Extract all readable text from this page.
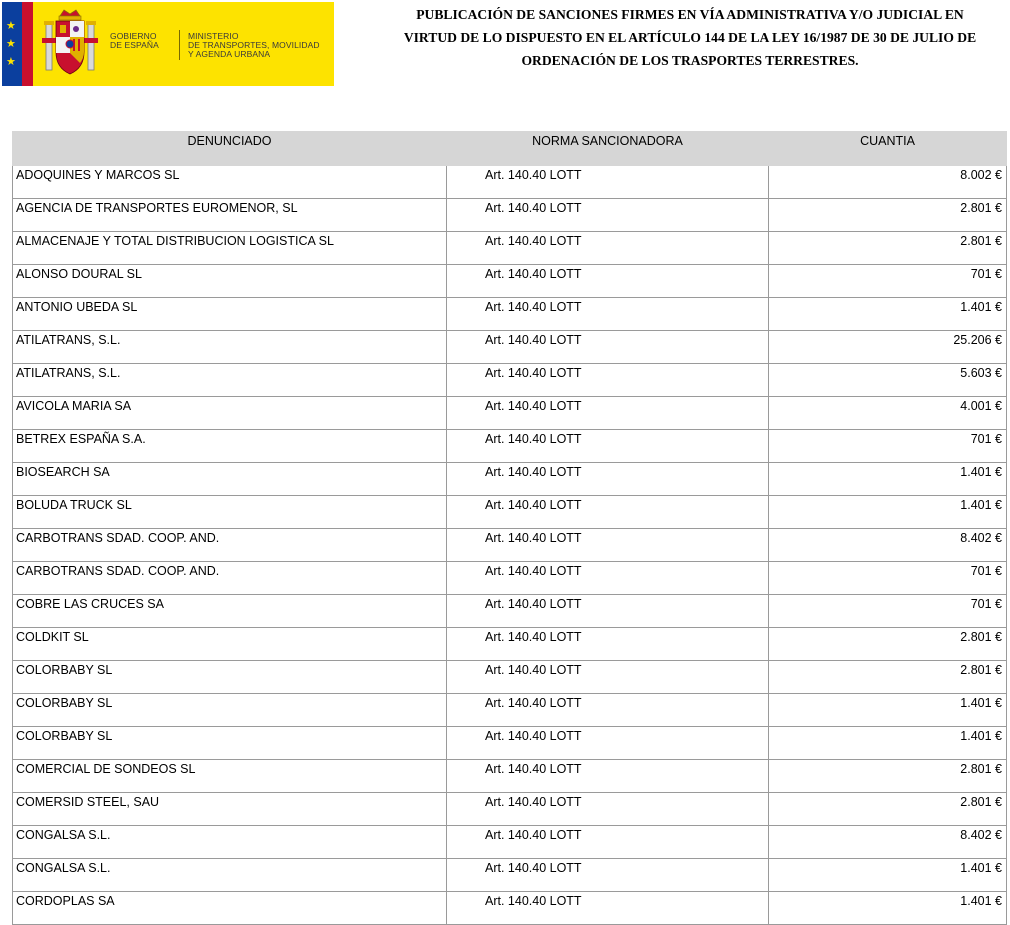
★
★
★
GOBIERNO
DE ESPAÑA
MINISTERIO
DE TRANSPORTES, MOVILIDAD
Y AGENDA URBANA
PUBLICACIÓN DE SANCIONES FIRMES EN VÍA ADMINISTRATIVA Y/O JUDICIAL EN
VIRTUD DE LO DISPUESTO EN EL ARTÍCULO 144 DE LA LEY 16/1987 DE 30 DE JULIO DE
ORDENACIÓN DE LOS TRASPORTES TERRESTRES.
DENUNCIADO	NORMA SANCIONADORA	CUANTIA
ADOQUINES Y MARCOS SL	Art. 140.40 LOTT	8.002 €
AGENCIA DE TRANSPORTES EUROMENOR, SL	Art. 140.40 LOTT	2.801 €
ALMACENAJE Y TOTAL DISTRIBUCION LOGISTICA SL	Art. 140.40 LOTT	2.801 €
ALONSO DOURAL SL	Art. 140.40 LOTT	701 €
ANTONIO UBEDA SL	Art. 140.40 LOTT	1.401 €
ATILATRANS, S.L.	Art. 140.40 LOTT	25.206 €
ATILATRANS, S.L.	Art. 140.40 LOTT	5.603 €
AVICOLA MARIA SA	Art. 140.40 LOTT	4.001 €
BETREX ESPAÑA S.A.	Art. 140.40 LOTT	701 €
BIOSEARCH SA	Art. 140.40 LOTT	1.401 €
BOLUDA TRUCK SL	Art. 140.40 LOTT	1.401 €
CARBOTRANS SDAD. COOP. AND.	Art. 140.40 LOTT	8.402 €
CARBOTRANS SDAD. COOP. AND.	Art. 140.40 LOTT	701 €
COBRE LAS CRUCES SA	Art. 140.40 LOTT	701 €
COLDKIT SL	Art. 140.40 LOTT	2.801 €
COLORBABY SL	Art. 140.40 LOTT	2.801 €
COLORBABY SL	Art. 140.40 LOTT	1.401 €
COLORBABY SL	Art. 140.40 LOTT	1.401 €
COMERCIAL DE SONDEOS SL	Art. 140.40 LOTT	2.801 €
COMERSID STEEL, SAU	Art. 140.40 LOTT	2.801 €
CONGALSA S.L.	Art. 140.40 LOTT	8.402 €
CONGALSA S.L.	Art. 140.40 LOTT	1.401 €
CORDOPLAS SA	Art. 140.40 LOTT	1.401 €
